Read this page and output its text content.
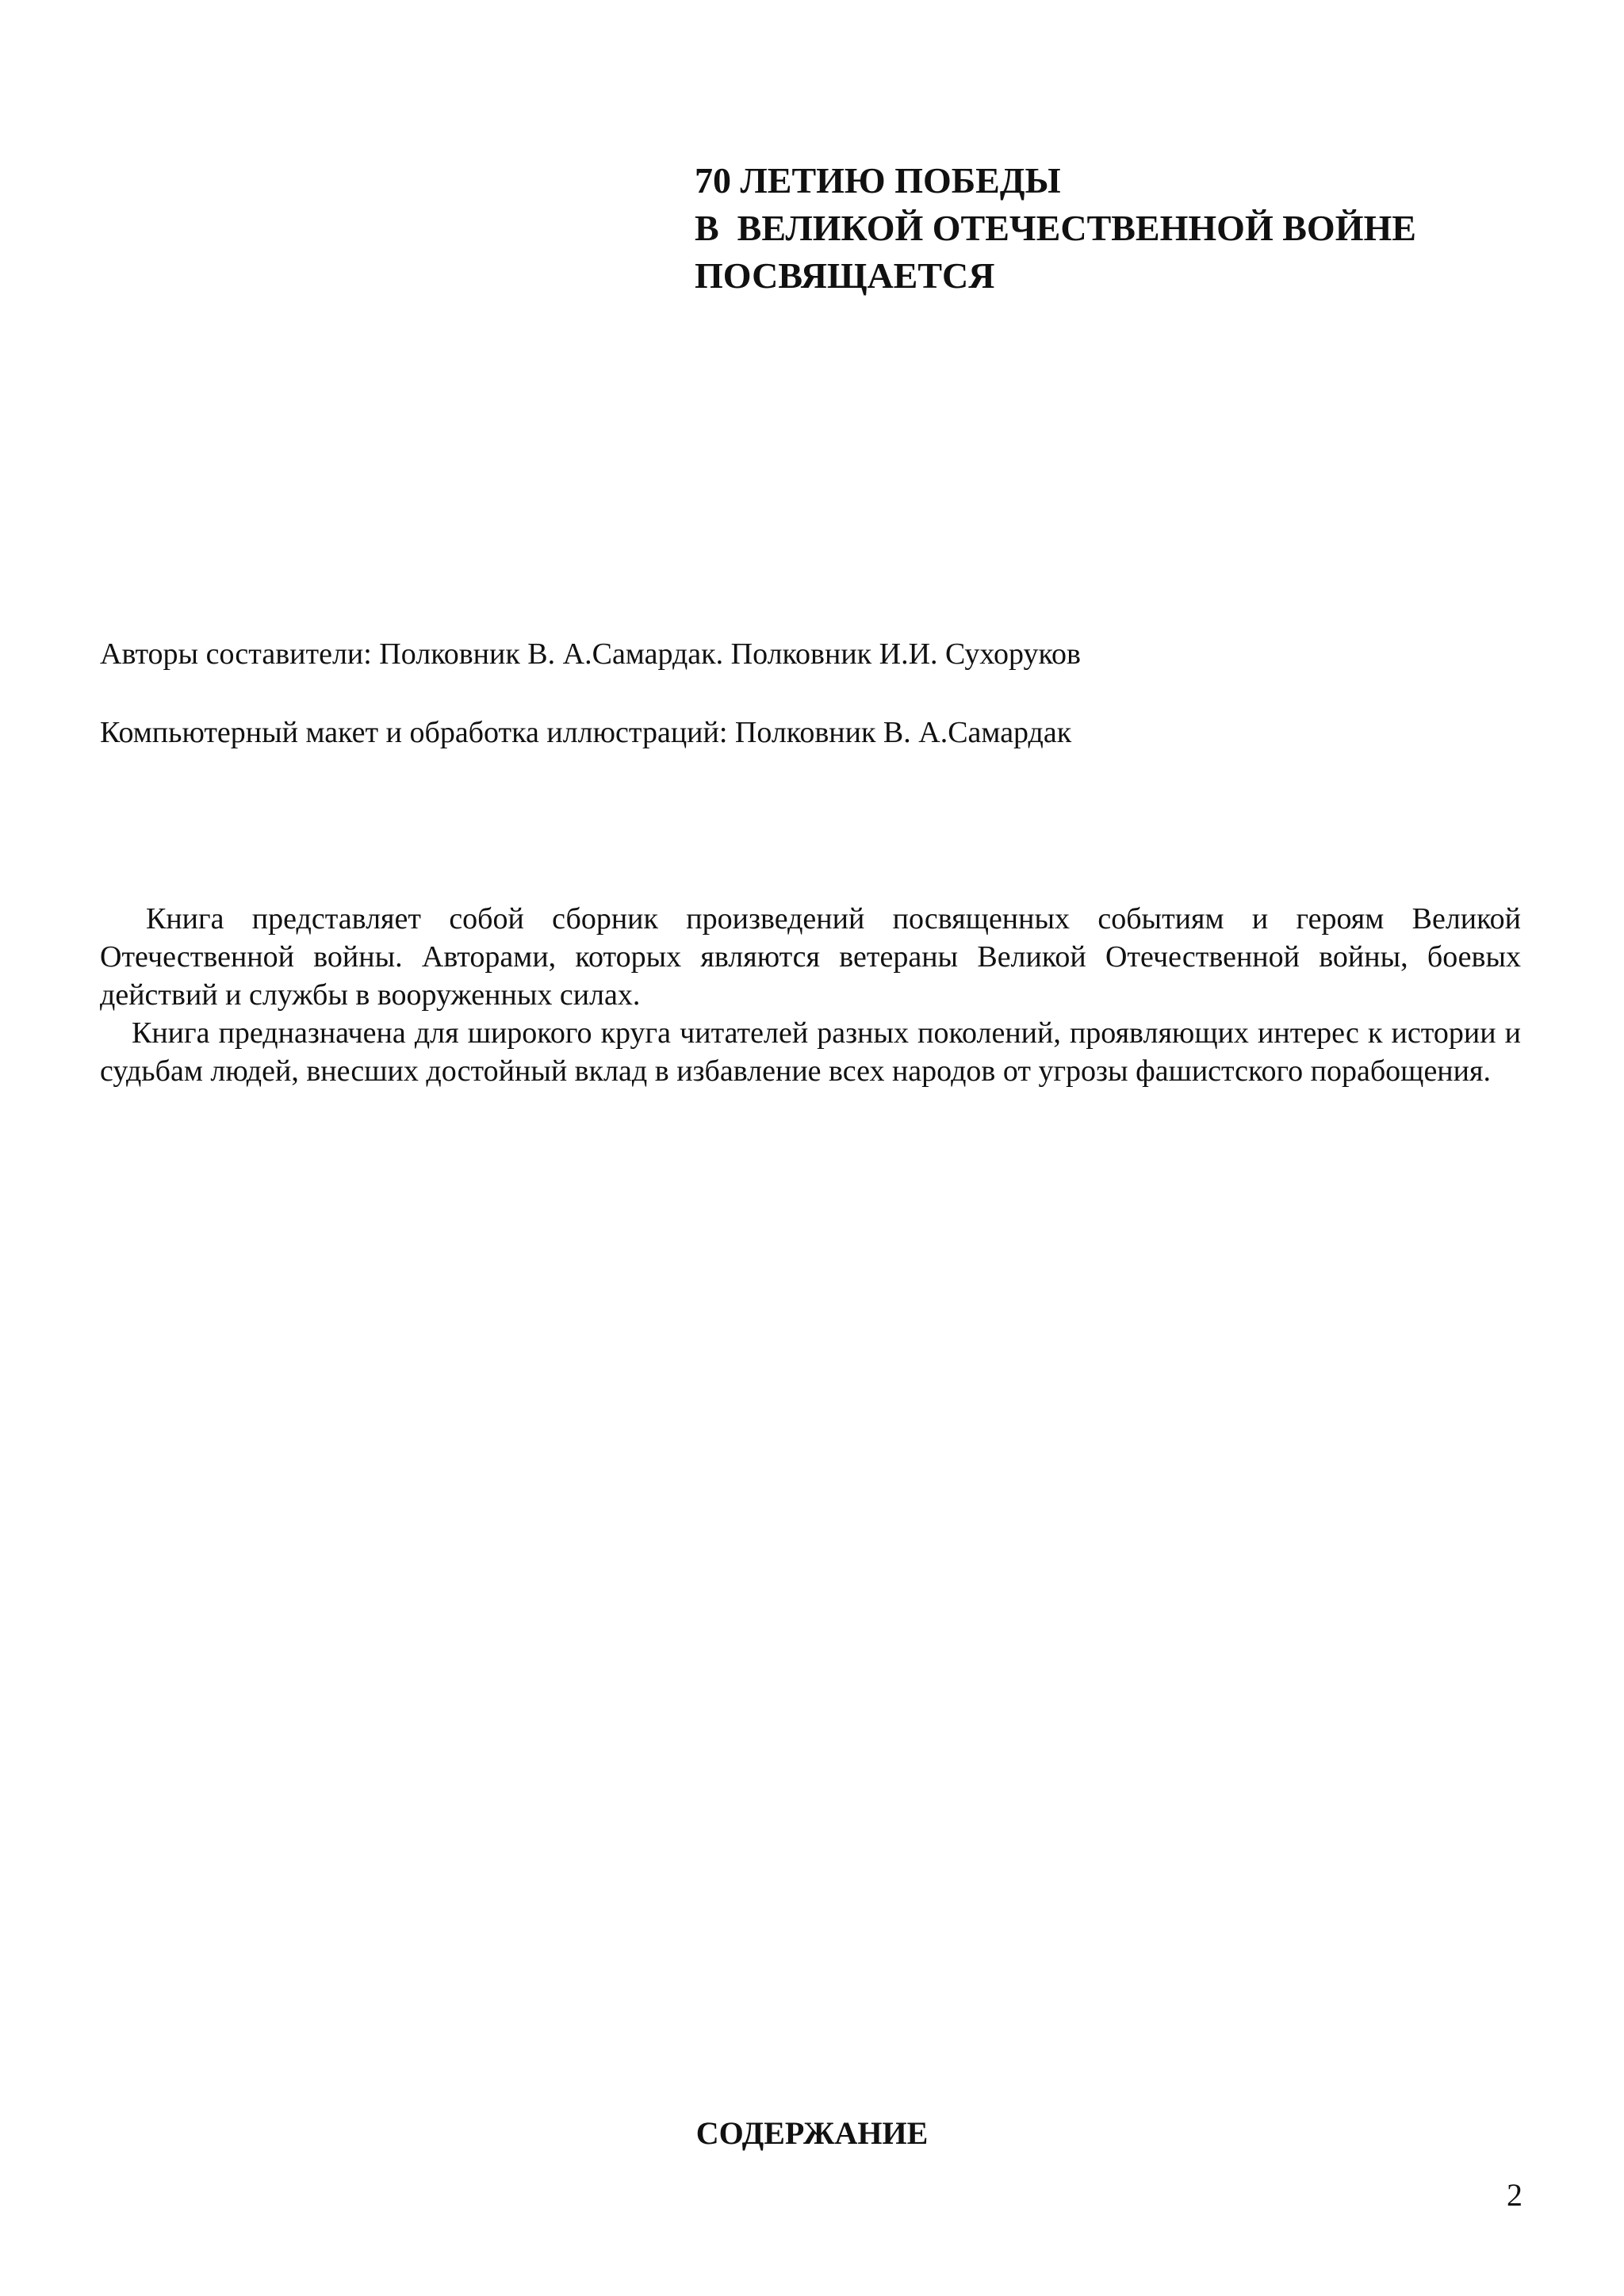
70 ЛЕТИЮ ПОБЕДЫ
В  ВЕЛИКОЙ ОТЕЧЕСТВЕННОЙ ВОЙНЕ
ПОСВЯЩАЕТСЯ
Авторы составители: Полковник В. А.Самардак. Полковник И.И. Сухоруков
Компьютерный макет и обработка иллюстраций: Полковник В. А.Самардак

Книга представляет собой сборник произведений посвященных событиям и героям Великой Отечественной войны. Авторами, которых являются ветераны Великой Отечественной войны, боевых действий и службы в вооруженных силах.

Книга предназначена для широкого круга читателей разных поколений, проявляющих интерес к истории и судьбам людей, внесших достойный вклад в избавление всех народов от угрозы фашистского порабощения.

СОДЕРЖАНИЕ
2
